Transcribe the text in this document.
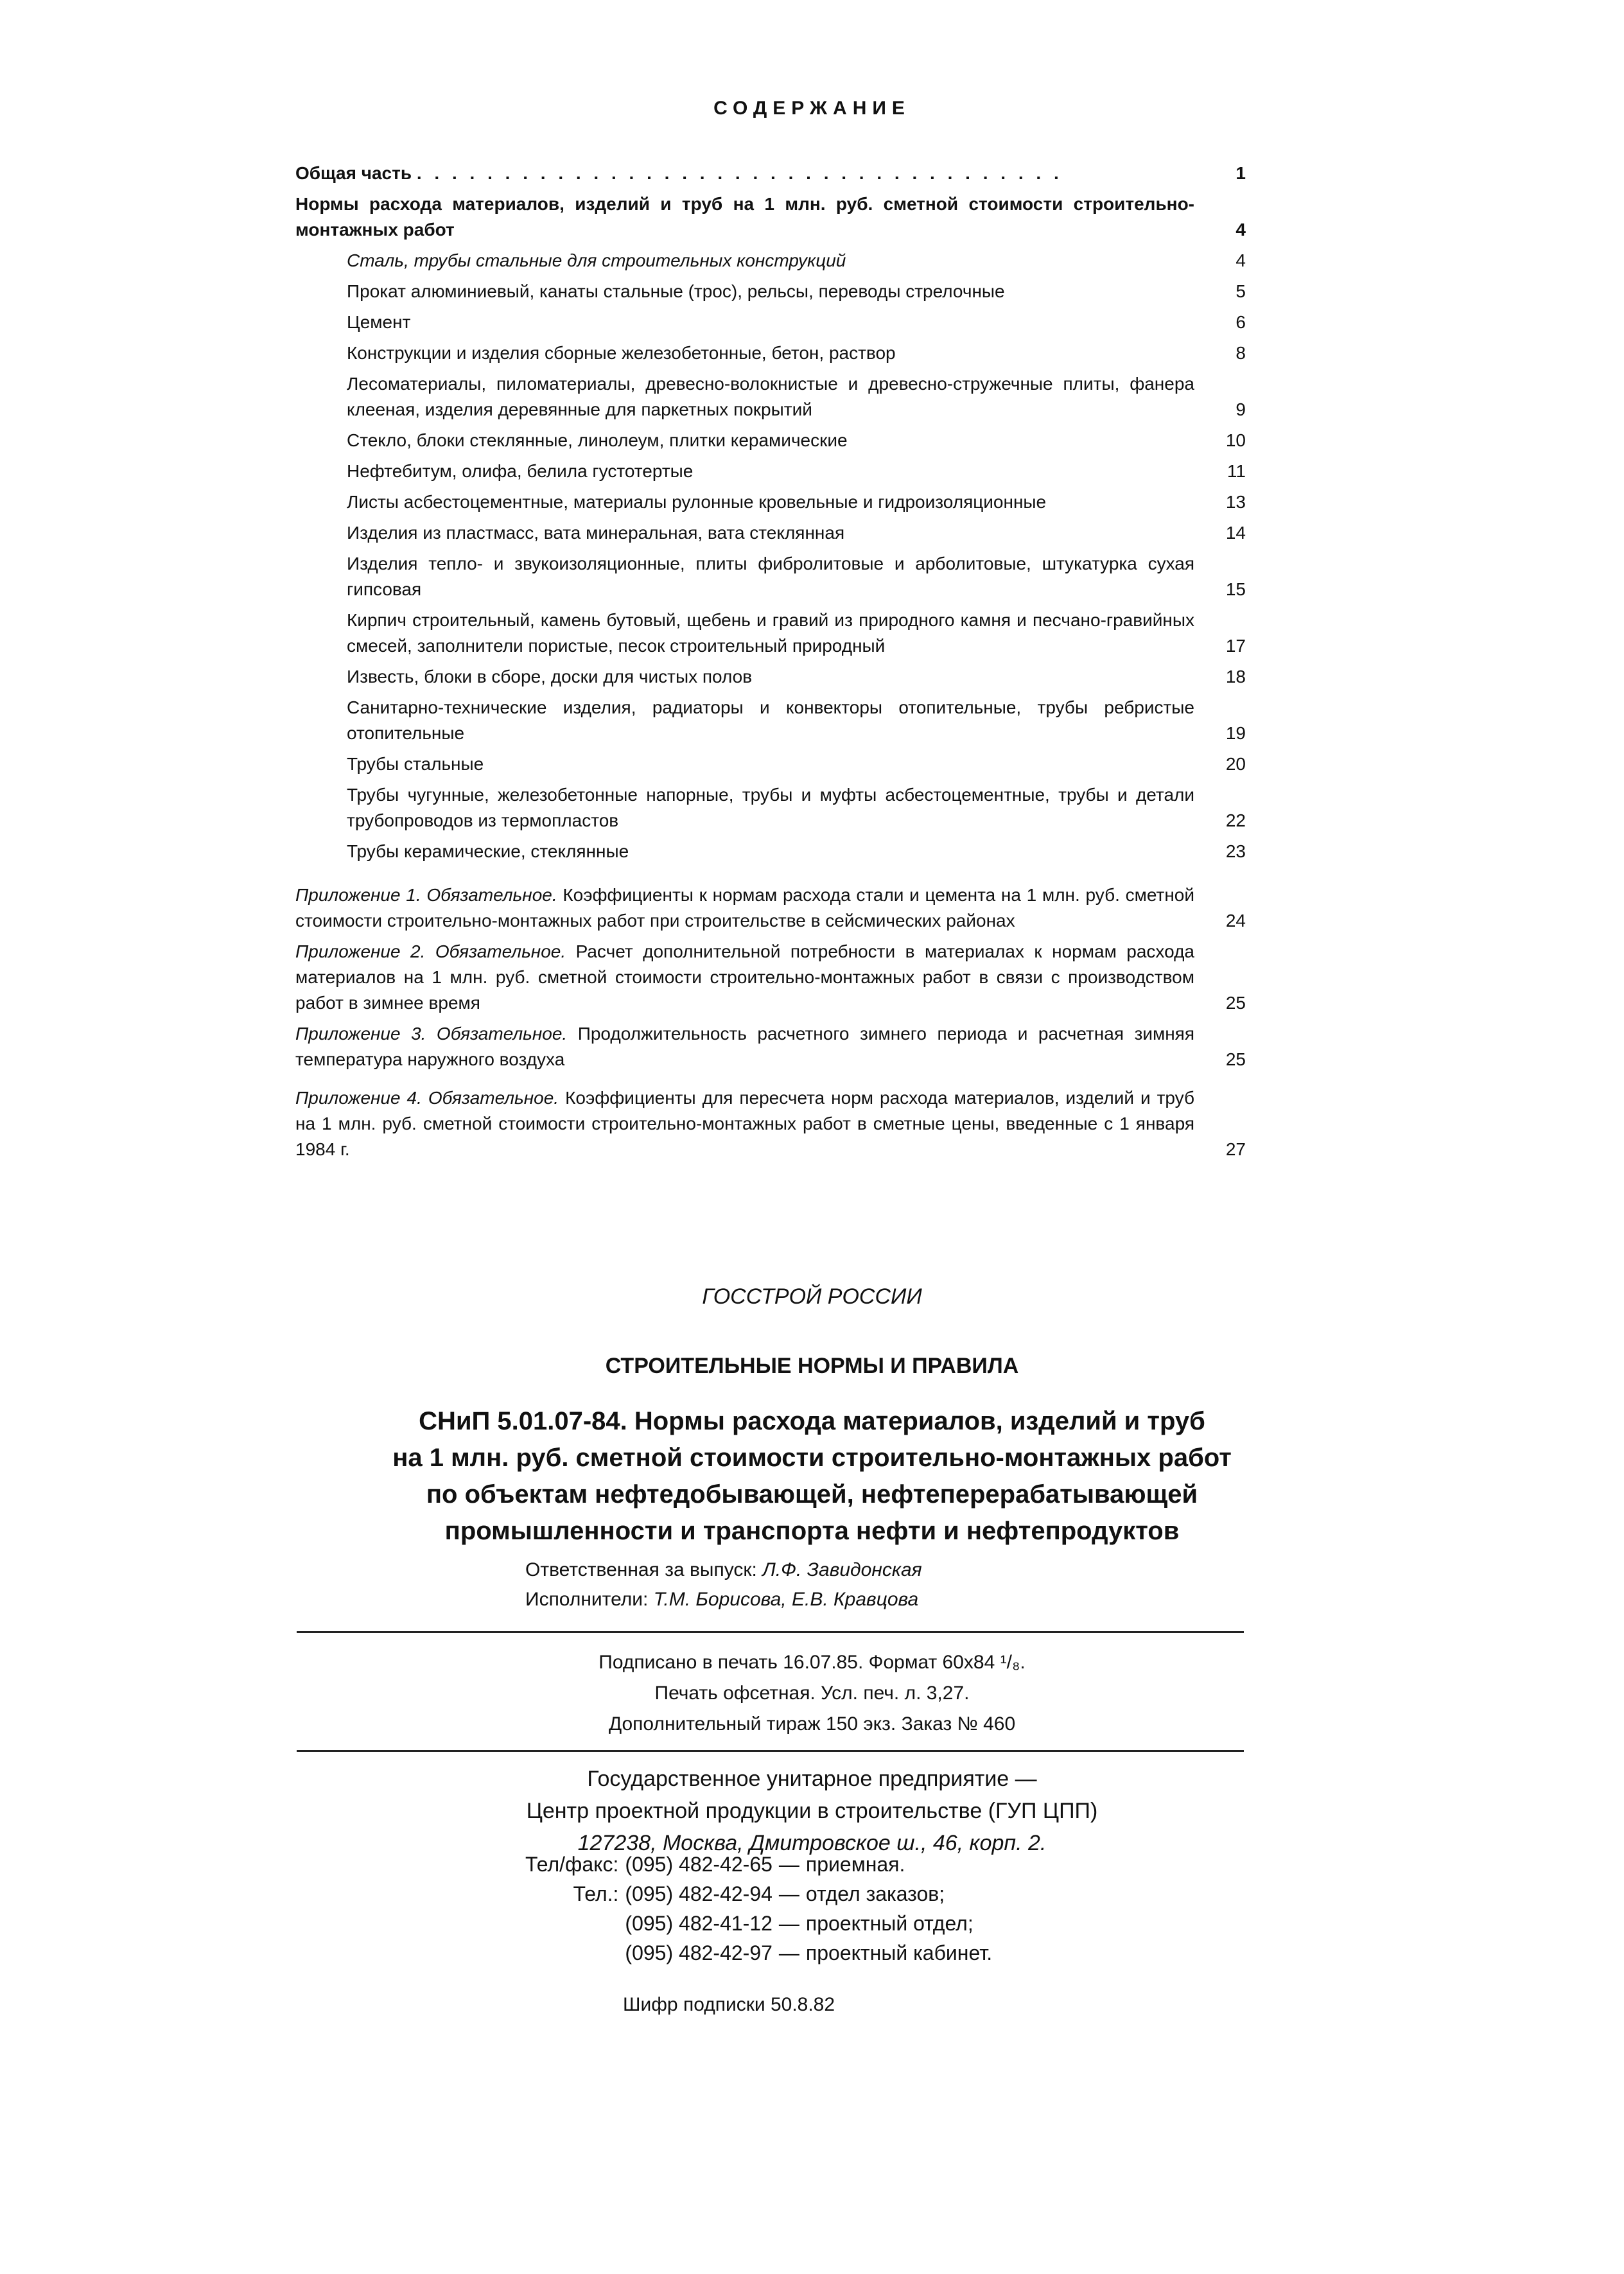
СОДЕРЖАНИЕ
Общая часть . . . . . . . . . . . . . . . . . . . . . . . . . . . . . . . . . . . . .	1
Нормы расхода материалов, изделий и труб на 1 млн. руб. сметной стоимости строительно-монтажных работ	4
Сталь, трубы стальные для строительных конструкций	4
Прокат алюминиевый, канаты стальные (трос), рельсы, переводы стрелочные	5
Цемент	6
Конструкции и изделия сборные железобетонные, бетон, раствор	8
Лесоматериалы, пиломатериалы, древесно-волокнистые и древесно-стружечные плиты, фанера клееная, изделия деревянные для паркетных покрытий	9
Стекло, блоки стеклянные, линолеум, плитки керамические	10
Нефтебитум, олифа, белила густотертые	11
Листы асбестоцементные, материалы рулонные кровельные и гидроизоляционные	13
Изделия из пластмасс, вата минеральная, вата стеклянная	14
Изделия тепло- и звукоизоляционные, плиты фибролитовые и арболитовые, штукатурка сухая гипсовая	15
Кирпич строительный, камень бутовый, щебень и гравий из природного камня и песчано-гравийных смесей, заполнители пористые, песок строительный природный	17
Известь, блоки в сборе, доски для чистых полов	18
Санитарно-технические изделия, радиаторы и конвекторы отопительные, трубы ребристые отопительные	19
Трубы стальные	20
Трубы чугунные, железобетонные напорные, трубы и муфты асбестоцементные, трубы и детали трубопроводов из термопластов	22
Трубы керамические, стеклянные	23
Приложение 1. Обязательное. Коэффициенты к нормам расхода стали и цемента на 1 млн. руб. сметной стоимости строительно-монтажных работ при строительстве в сейсмических районах	24
Приложение 2. Обязательное. Расчет дополнительной потребности в материалах к нормам расхода материалов на 1 млн. руб. сметной стоимости строительно-монтажных работ в связи с производством работ в зимнее время	25
Приложение 3. Обязательное. Продолжительность расчетного зимнего периода и расчетная зимняя температура наружного воздуха	25
Приложение 4. Обязательное. Коэффициенты для пересчета норм расхода материалов, изделий и труб на 1 млн. руб. сметной стоимости строительно-монтажных работ в сметные цены, введенные с 1 января 1984 г.	27
ГОССТРОЙ РОССИИ
СТРОИТЕЛЬНЫЕ НОРМЫ И ПРАВИЛА
СНиП 5.01.07-84. Нормы расхода материалов, изделий и труб
на 1 млн. руб. сметной стоимости строительно-монтажных работ
по объектам нефтедобывающей, нефтеперерабатывающей
промышленности и транспорта нефти и нефтепродуктов
Ответственная за выпуск: Л.Ф. Завидонская
Исполнители: Т.М. Борисова, Е.В. Кравцова
Подписано в печать 16.07.85. Формат 60x84 ¹/₈.
Печать офсетная. Усл. печ. л. 3,27.
Дополнительный тираж 150 экз. Заказ № 460
Государственное унитарное предприятие —
Центр проектной продукции в строительстве (ГУП ЦПП)
127238, Москва, Дмитровское ш., 46, корп. 2.
Тел/факс:	(095) 482-42-65	—	приемная.
Тел.:	(095) 482-42-94	—	отдел заказов;
	(095) 482-41-12	—	проектный отдел;
	(095) 482-42-97	—	проектный кабинет.
Шифр подписки 50.8.82
